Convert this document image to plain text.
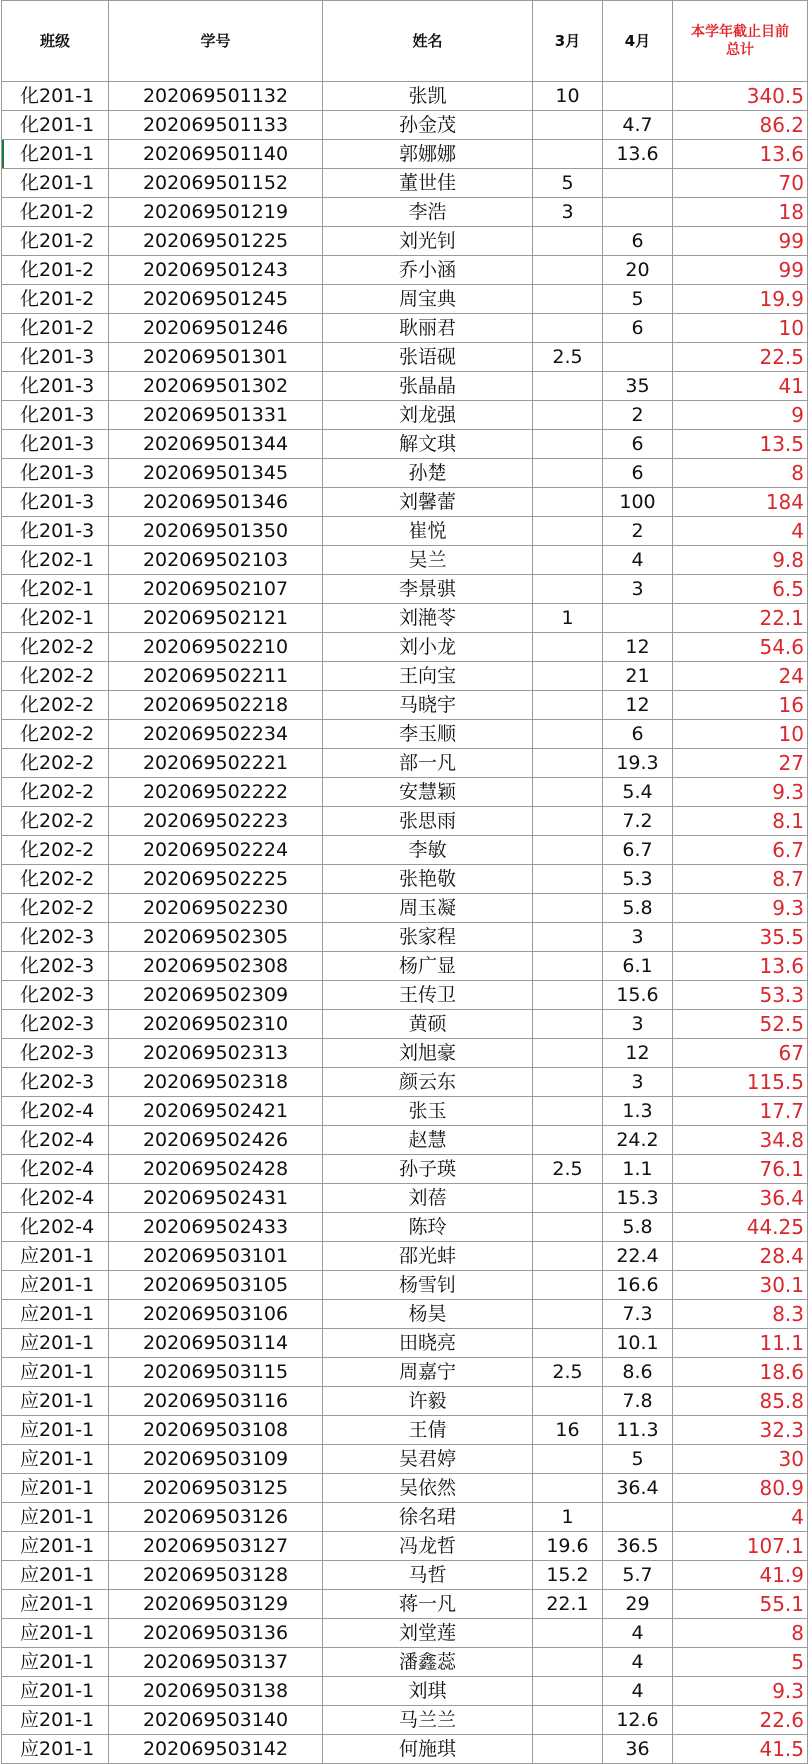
班级	学号	姓名	3月	4月	本学年截止目前
总计
化201-1	202069501132	张凯	10		340.5
化201-1	202069501133	孙金茂		4.7	86.2
化201-1	202069501140	郭娜娜		13.6	13.6
化201-1	202069501152	董世佳	5		70
化201-2	202069501219	李浩	3		18
化201-2	202069501225	刘光钊		6	99
化201-2	202069501243	乔小涵		20	99
化201-2	202069501245	周宝典		5	19.9
化201-2	202069501246	耿丽君		6	10
化201-3	202069501301	张语砚	2.5		22.5
化201-3	202069501302	张晶晶		35	41
化201-3	202069501331	刘龙强		2	9
化201-3	202069501344	解文琪		6	13.5
化201-3	202069501345	孙楚		6	8
化201-3	202069501346	刘馨蕾		100	184
化201-3	202069501350	崔悦		2	4
化202-1	202069502103	吴兰		4	9.8
化202-1	202069502107	李景骐		3	6.5
化202-1	202069502121	刘滟苓	1		22.1
化202-2	202069502210	刘小龙		12	54.6
化202-2	202069502211	王向宝		21	24
化202-2	202069502218	马晓宇		12	16
化202-2	202069502234	李玉顺		6	10
化202-2	202069502221	部一凡		19.3	27
化202-2	202069502222	安慧颖		5.4	9.3
化202-2	202069502223	张思雨		7.2	8.1
化202-2	202069502224	李敏		6.7	6.7
化202-2	202069502225	张艳敬		5.3	8.7
化202-2	202069502230	周玉凝		5.8	9.3
化202-3	202069502305	张家程		3	35.5
化202-3	202069502308	杨广显		6.1	13.6
化202-3	202069502309	王传卫		15.6	53.3
化202-3	202069502310	黄硕		3	52.5
化202-3	202069502313	刘旭豪		12	67
化202-3	202069502318	颜云东		3	115.5
化202-4	202069502421	张玉		1.3	17.7
化202-4	202069502426	赵慧		24.2	34.8
化202-4	202069502428	孙子瑛	2.5	1.1	76.1
化202-4	202069502431	刘蓓		15.3	36.4
化202-4	202069502433	陈玲		5.8	44.25
应201-1	202069503101	邵光蚌		22.4	28.4
应201-1	202069503105	杨雪钊		16.6	30.1
应201-1	202069503106	杨昊		7.3	8.3
应201-1	202069503114	田晓亮		10.1	11.1
应201-1	202069503115	周嘉宁	2.5	8.6	18.6
应201-1	202069503116	许毅		7.8	85.8
应201-1	202069503108	王倩	16	11.3	32.3
应201-1	202069503109	吴君婷		5	30
应201-1	202069503125	吴依然		36.4	80.9
应201-1	202069503126	徐名珺	1		4
应201-1	202069503127	冯龙哲	19.6	36.5	107.1
应201-1	202069503128	马哲	15.2	5.7	41.9
应201-1	202069503129	蒋一凡	22.1	29	55.1
应201-1	202069503136	刘堂莲		4	8
应201-1	202069503137	潘鑫蕊		4	5
应201-1	202069503138	刘琪		4	9.3
应201-1	202069503140	马兰兰		12.6	22.6
应201-1	202069503142	何施琪		36	41.5
